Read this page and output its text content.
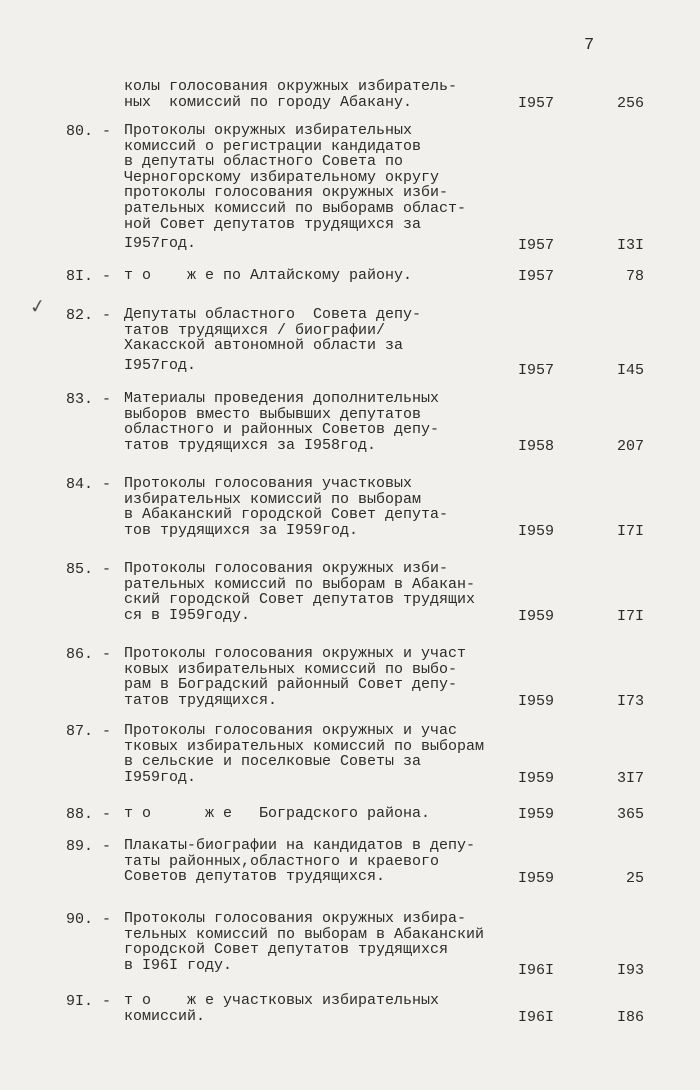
7
✓
колы голосования окружных избиратель-
ных  комиссий по городу Абакану.	I957	256
80. - Протоколы окружных избирательных
комиссий о регистрации кандидатов
в депутаты областного Совета по
Черногорскому избирательному округу
протоколы голосования окружных изби-
рательных комиссий по выборамв област-
ной Совет депутатов трудящихся за
I957год.	I957	I3I
8I. - т о    ж е по Алтайскому району.	I957	78
82. - Депутаты областного  Совета депу-
татов трудящихся / биографии/
Хакасской автономной области за
I957год.	I957	I45
83. - Материалы проведения дополнительных
выборов вместо выбывших депутатов
областного и районных Советов депу-
татов трудящихся за I958год.	I958	207
84. - Протоколы голосования участковых
избирательных комиссий по выборам
в Абаканский городской Совет депута-
тов трудящихся за I959год.	I959	I7I
85. - Протоколы голосования окружных изби-
рательных комиссий по выборам в Абакан-
ский городской Совет депутатов трудящих
ся в I959году.	I959	I7I
86. - Протоколы голосования окружных и участ
ковых избирательных комиссий по выбо-
рам в Боградский районный Совет депу-
татов трудящихся.	I959	I73
87. - Протоколы голосования окружных и учас
тковых избирательных комиссий по выборам
в сельские и поселковые Советы за
I959год.	I959	3I7
88. - т о      ж е   Боградского района.	I959	365
89. - Плакаты-биографии на кандидатов в депу-
таты районных,областного и краевого
Советов депутатов трудящихся.	I959	25
90. - Протоколы голосования окружных избира-
тельных комиссий по выборам в Абаканский
городской Совет депутатов трудящихся
в I96I году.	I96I	I93
9I. - т о    ж е участковых избирательных
комиссий.	I96I	I86
